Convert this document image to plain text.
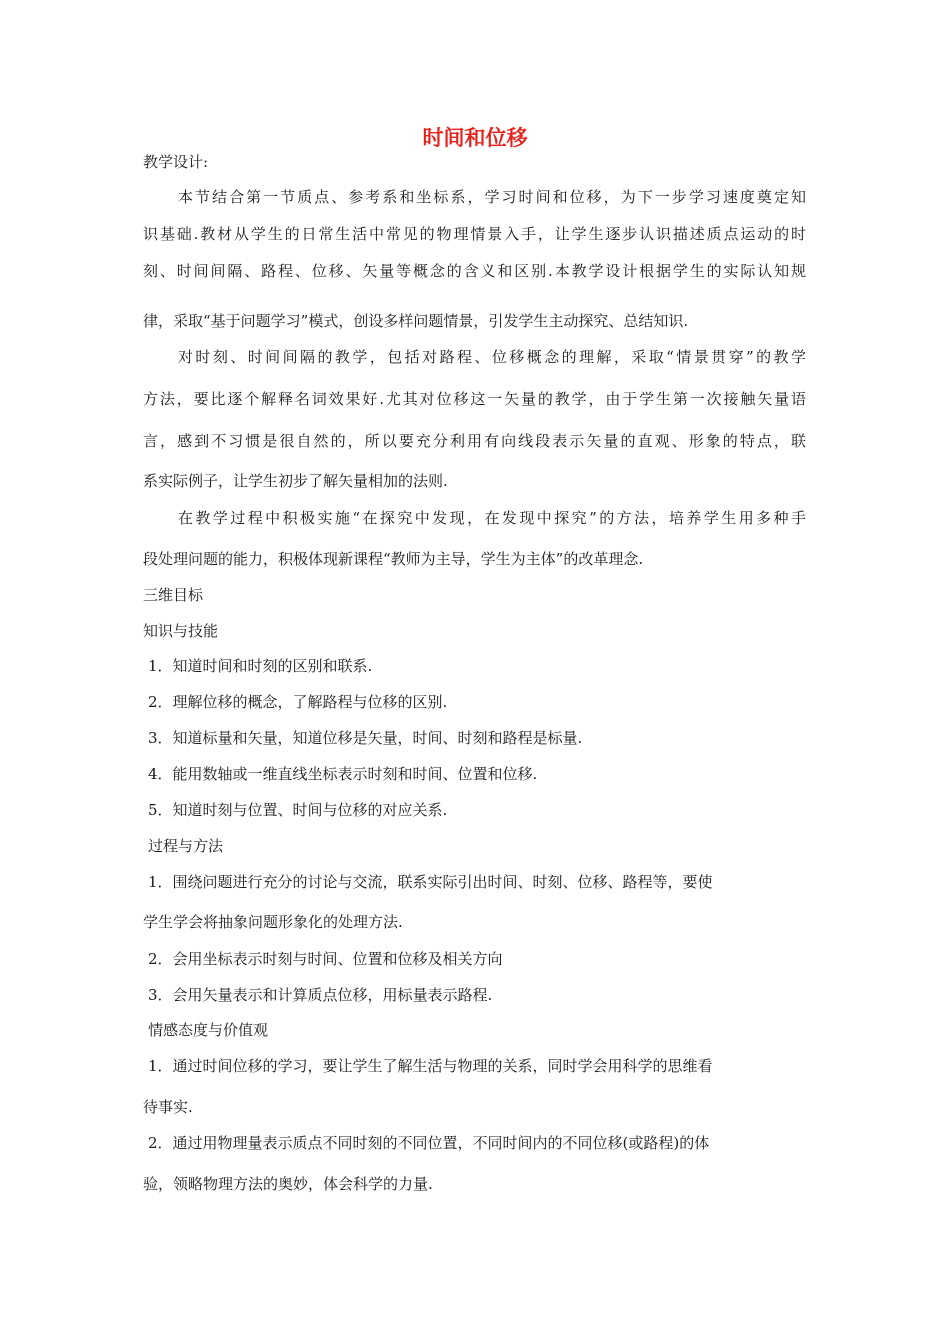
时间和位移
教学设计:
本节结合第一节质点、参考系和坐标系，学习时间和位移，为下一步学习速度奠定知
识基础.教材从学生的日常生活中常见的物理情景入手，让学生逐步认识描述质点运动的时
刻、时间间隔、路程、位移、矢量等概念的含义和区别.本教学设计根据学生的实际认知规
律，采取“基于问题学习”模式，创设多样问题情景，引发学生主动探究、总结知识.
对时刻、时间间隔的教学，包括对路程、位移概念的理解，采取“情景贯穿”的教学
方法，要比逐个解释名词效果好.尤其对位移这一矢量的教学，由于学生第一次接触矢量语
言，感到不习惯是很自然的，所以要充分利用有向线段表示矢量的直观、形象的特点，联
系实际例子，让学生初步了解矢量相加的法则.
在教学过程中积极实施“在探究中发现，在发现中探究”的方法，培养学生用多种手
段处理问题的能力，积极体现新课程“教师为主导，学生为主体”的改革理念.
三维目标
知识与技能
1．知道时间和时刻的区别和联系.
2．理解位移的概念，了解路程与位移的区别.
3．知道标量和矢量，知道位移是矢量，时间、时刻和路程是标量.
4．能用数轴或一维直线坐标表示时刻和时间、位置和位移.
5．知道时刻与位置、时间与位移的对应关系.
过程与方法
1．围绕问题进行充分的讨论与交流，联系实际引出时间、时刻、位移、路程等，要使
学生学会将抽象问题形象化的处理方法.
2．会用坐标表示时刻与时间、位置和位移及相关方向
3．会用矢量表示和计算质点位移，用标量表示路程.
情感态度与价值观
1．通过时间位移的学习，要让学生了解生活与物理的关系，同时学会用科学的思维看
待事实.
2．通过用物理量表示质点不同时刻的不同位置，不同时间内的不同位移(或路程)的体
验，领略物理方法的奥妙，体会科学的力量.
